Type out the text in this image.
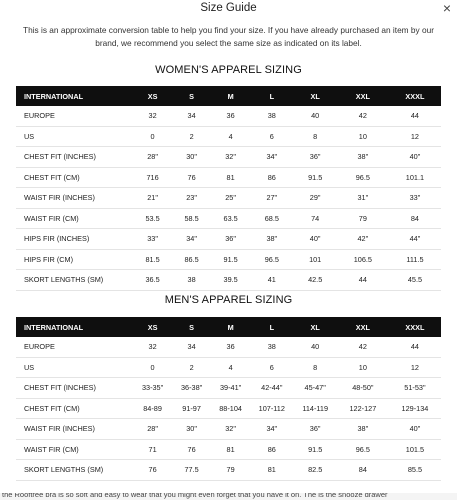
Size Guide	×
This is an approximate conversion table to help you find your size. If you have already purchased an item by our brand, we recommend you select the same size as indicated on its label.
WOMEN'S APPAREL SIZING
INTERNATIONAL	XS	S	M	L	XL	XXL	XXXL
EUROPE	32	34	36	38	40	42	44
US	0	2	4	6	8	10	12
CHEST FIT (INCHES)	28"	30"	32"	34"	36"	38"	40"
CHEST FIT (CM)	716	76	81	86	91.5	96.5	101.1
WAIST FIR (INCHES)	21"	23"	25"	27"	29"	31"	33"
WAIST FIR (CM)	53.5	58.5	63.5	68.5	74	79	84
HIPS FIR (INCHES)	33"	34"	36"	38"	40"	42"	44"
HIPS FIR (CM)	81.5	86.5	91.5	96.5	101	106.5	111.5
SKORT LENGTHS (SM)	36.5	38	39.5	41	42.5	44	45.5
MEN'S APPAREL SIZING
INTERNATIONAL	XS	S	M	L	XL	XXL	XXXL
EUROPE	32	34	36	38	40	42	44
US	0	2	4	6	8	10	12
CHEST FIT (INCHES)	33-35"	36-38"	39-41"	42-44"	45-47"	48-50"	51-53"
CHEST FIT (CM)	84-89	91-97	88-104	107-112	114-119	122-127	129-134
WAIST FIR (INCHES)	28"	30"	32"	34"	36"	38"	40"
WAIST FIR (CM)	71	76	81	86	91.5	96.5	101.5
SKORT LENGTHS (SM)	76	77.5	79	81	82.5	84	85.5
the Rooftree bra is so soft and easy to wear that you might even forget that you have it on. The is the snooze drawer
